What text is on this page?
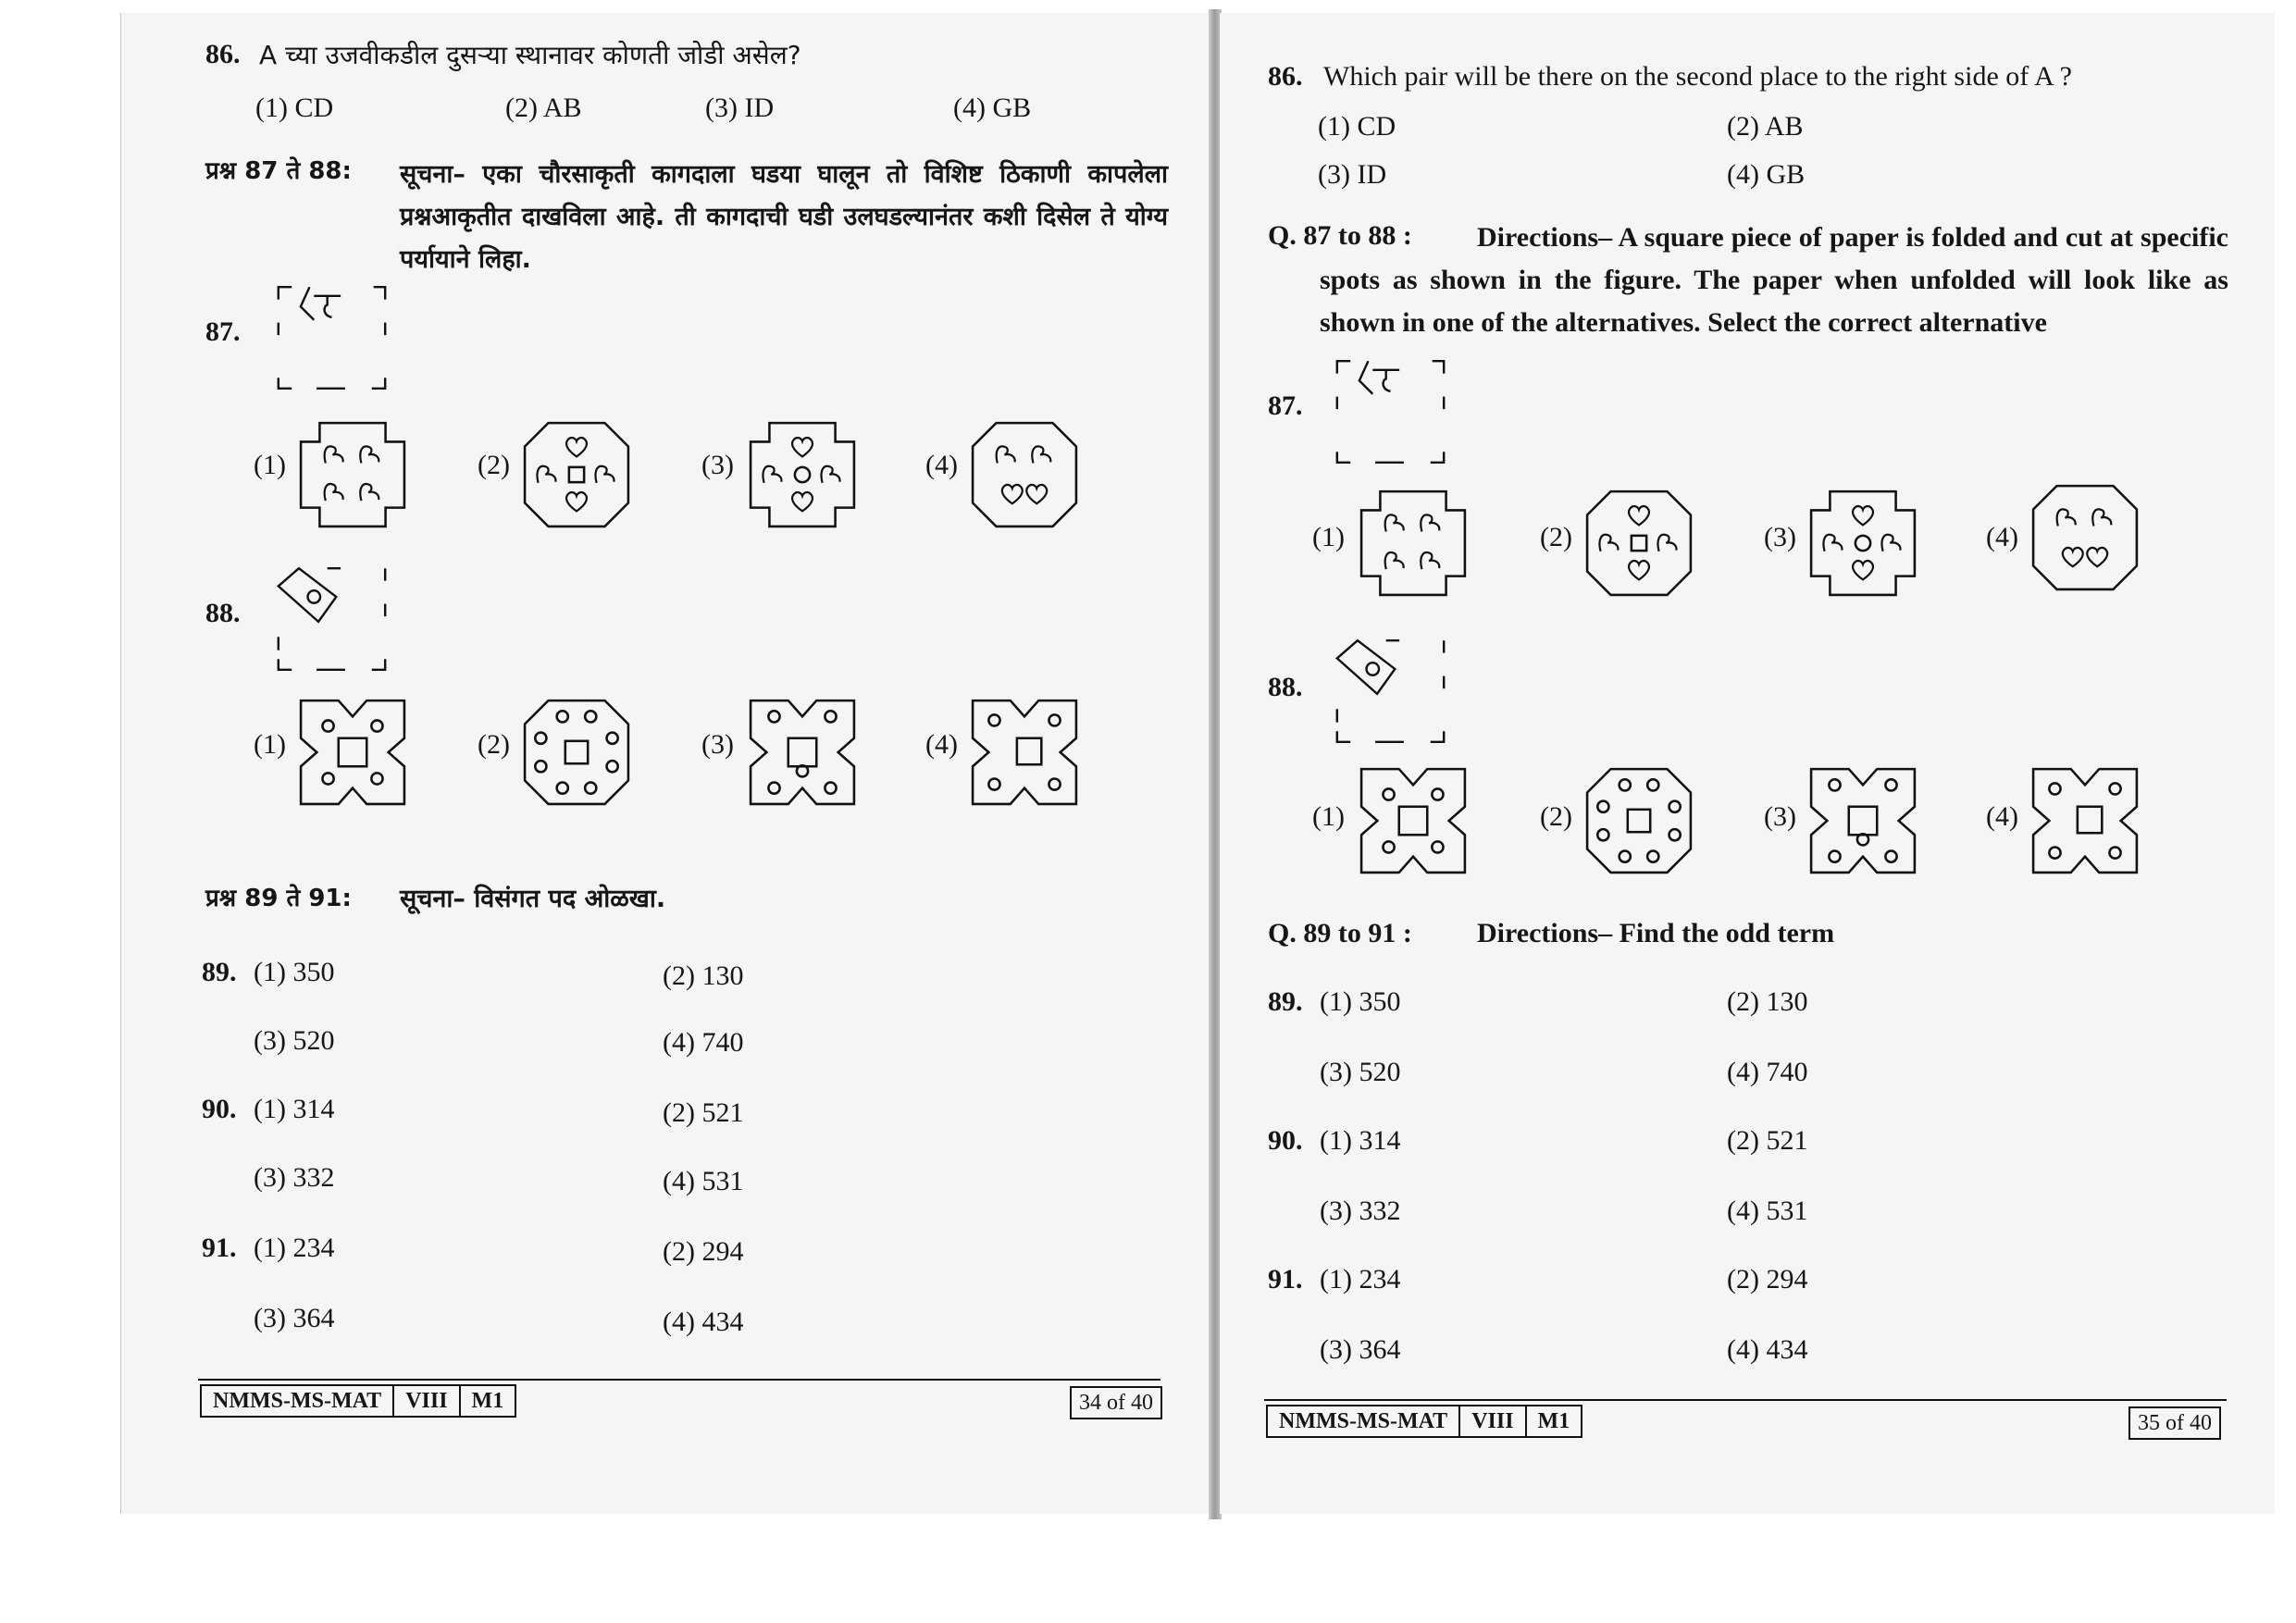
86. A च्या उजवीकडील दुसऱ्या स्थानावर कोणती जोडी असेल?
(1) CD	(2) AB	(3) ID	(4) GB
प्रश्न 87 ते 88: सूचना– एका चौरसाकृती कागदाला घडया घालून तो विशिष्ट ठिकाणी कापलेला प्रश्नआकृतीत दाखविला आहे. ती कागदाची घडी उलघडल्यानंतर कशी दिसेल ते योग्य पर्यायाने लिहा.
87.
(1)	(2)	(3)	(4)
88.
(1)	(2)	(3)	(4)
प्रश्न 89 ते 91: सूचना– विसंगत पद ओळखा.
89. (1) 350	(2) 130
(3) 520	(4) 740
90. (1) 314	(2) 521
(3) 332	(4) 531
91. (1) 234	(2) 294
(3) 364	(4) 434
NMMS-MS-MAT	VIII	M1	34 of 40
86. Which pair will be there on the second place to the right side of A ?
(1) CD	(2) AB
(3) ID	(4) GB
Q. 87 to 88 :	Directions– A square piece of paper is folded and cut at specific spots as shown in the figure. The paper when unfolded will look like as shown in one of the alternatives. Select the correct alternative
87.
(1)	(2)	(3)	(4)
88.
(1)	(2)	(3)	(4)
Q. 89 to 91 : Directions– Find the odd term
89. (1) 350	(2) 130
(3) 520	(4) 740
90. (1) 314	(2) 521
(3) 332	(4) 531
91. (1) 234	(2) 294
(3) 364	(4) 434
NMMS-MS-MAT	VIII	M1	35 of 40
